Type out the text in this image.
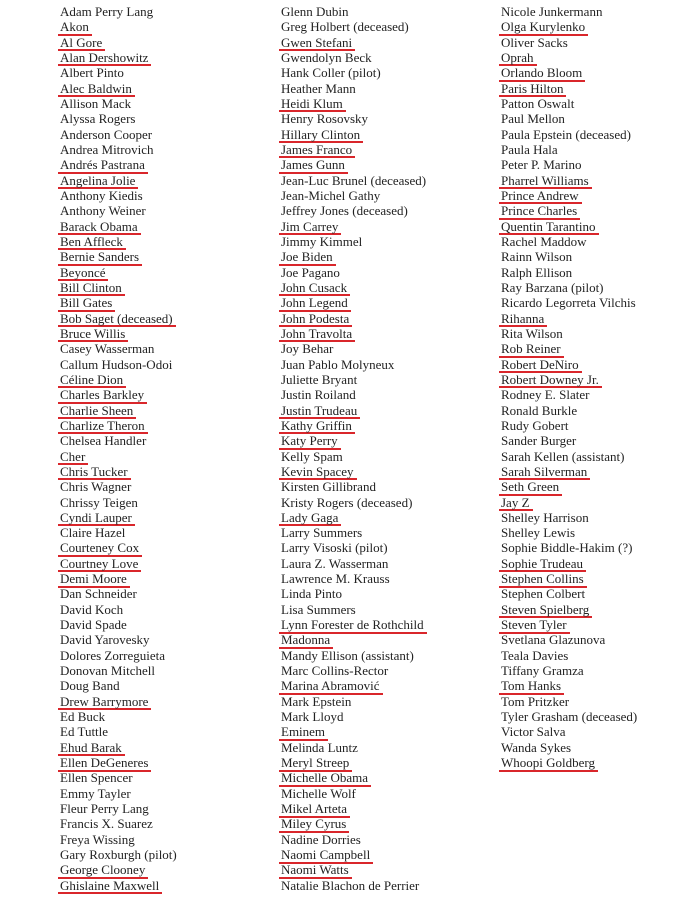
Adam Perry Lang
Akon
Al Gore
Alan Dershowitz
Albert Pinto
Alec Baldwin
Allison Mack
Alyssa Rogers
Anderson Cooper
Andrea Mitrovich
Andrés Pastrana
Angelina Jolie
Anthony Kiedis
Anthony Weiner
Barack Obama
Ben Affleck
Bernie Sanders
Beyoncé
Bill Clinton
Bill Gates
Bob Saget (deceased)
Bruce Willis
Casey Wasserman
Callum Hudson-Odoi
Céline Dion
Charles Barkley
Charlie Sheen
Charlize Theron
Chelsea Handler
Cher
Chris Tucker
Chris Wagner
Chrissy Teigen
Cyndi Lauper
Claire Hazel
Courteney Cox
Courtney Love
Demi Moore
Dan Schneider
David Koch
David Spade
David Yarovesky
Dolores Zorreguieta
Donovan Mitchell
Doug Band
Drew Barrymore
Ed Buck
Ed Tuttle
Ehud Barak
Ellen DeGeneres
Ellen Spencer
Emmy Tayler
Fleur Perry Lang
Francis X. Suarez
Freya Wissing
Gary Roxburgh (pilot)
George Clooney
Ghislaine Maxwell
Glenn Dubin
Greg Holbert (deceased)
Gwen Stefani
Gwendolyn Beck
Hank Coller (pilot)
Heather Mann
Heidi Klum
Henry Rosovsky
Hillary Clinton
James Franco
James Gunn
Jean-Luc Brunel (deceased)
Jean-Michel Gathy
Jeffrey Jones (deceased)
Jim Carrey
Jimmy Kimmel
Joe Biden
Joe Pagano
John Cusack
John Legend
John Podesta
John Travolta
Joy Behar
Juan Pablo Molyneux
Juliette Bryant
Justin Roiland
Justin Trudeau
Kathy Griffin
Katy Perry
Kelly Spam
Kevin Spacey
Kirsten Gillibrand
Kristy Rogers (deceased)
Lady Gaga
Larry Summers
Larry Visoski (pilot)
Laura Z. Wasserman
Lawrence M. Krauss
Linda Pinto
Lisa Summers
Lynn Forester de Rothchild
Madonna
Mandy Ellison (assistant)
Marc Collins-Rector
Marina Abramović
Mark Epstein
Mark Lloyd
Eminem
Melinda Luntz
Meryl Streep
Michelle Obama
Michelle Wolf
Mikel Arteta
Miley Cyrus
Nadine Dorries
Naomi Campbell
Naomi Watts
Natalie Blachon de Perrier
Nicole Junkermann
Olga Kurylenko
Oliver Sacks
Oprah
Orlando Bloom
Paris Hilton
Patton Oswalt
Paul Mellon
Paula Epstein (deceased)
Paula Hala
Peter P. Marino
Pharrel Williams
Prince Andrew
Prince Charles
Quentin Tarantino
Rachel Maddow
Rainn Wilson
Ralph Ellison
Ray Barzana (pilot)
Ricardo Legorreta Vilchis
Rihanna
Rita Wilson
Rob Reiner
Robert DeNiro
Robert Downey Jr.
Rodney E. Slater
Ronald Burkle
Rudy Gobert
Sander Burger
Sarah Kellen (assistant)
Sarah Silverman
Seth Green
Jay Z
Shelley Harrison
Shelley Lewis
Sophie Biddle-Hakim (?)
Sophie Trudeau
Stephen Collins
Stephen Colbert
Steven Spielberg
Steven Tyler
Svetlana Glazunova
Teala Davies
Tiffany Gramza
Tom Hanks
Tom Pritzker
Tyler Grasham (deceased)
Victor Salva
Wanda Sykes
Whoopi Goldberg
